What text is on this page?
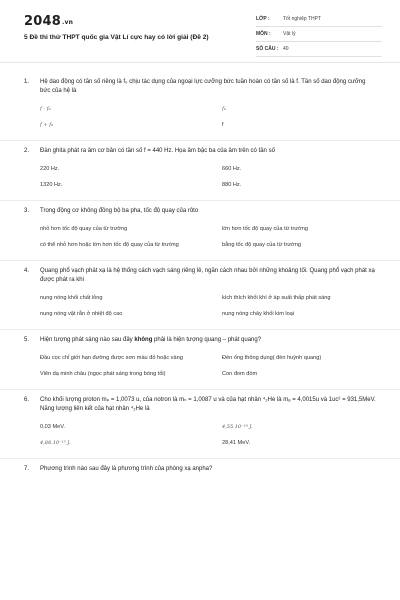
2048.vn
5 Đề thi thử THPT quốc gia Vật Lí cực hay có lời giải (Đề 2)
LỚP :	Tốt nghiệp THPT
MÔN :	Vật lý
SỐ CÂU : 40
1.	Hệ dao động có tần số riêng là f₀ chịu tác dụng của ngoại lực cưỡng bức tuần hoàn có tần số là f. Tần số dao động cưỡng bức của hệ là
f - f₀	f₀
f + f₀	f
2.	Đàn ghita phát ra âm cơ bản có tần số f = 440 Hz. Họa âm bậc ba của âm trên có tần số
220 Hz.	660 Hz.
1320 Hz.	880 Hz.
3.	Trong động cơ không đồng bộ ba pha, tốc độ quay của rôto
nhỏ hơn tốc độ quay của từ trường	lớn hơn tốc độ quay của từ trường
có thể nhỏ hơn hoặc lớn hơn tốc độ quay của từ trường	bằng tốc độ quay của từ trường
4.	Quang phổ vạch phát xạ là hệ thống cách vạch sáng riêng lẻ, ngăn cách nhau bởi những khoảng tối. Quang phổ vạch phát xạ được phát ra khi
nung nóng khối chất lỏng	kích thích khối khí ở áp suất thấp phát sáng
nung nóng vật rắn ở nhiệt độ cao	nung nóng chảy khối kim loại
5.	Hiện tượng phát sáng nào sau đây không phải là hiện tượng quang – phát quang?
Đầu cọc chỉ giới hạn đường được sơn màu đỏ hoặc vàng	Đèn ống thông dụng( đèn huỳnh quang)
Viên dạ minh châu (ngọc phát sáng trong bóng tối)	Con đom đóm
6.	Cho khối lượng proton mₚ = 1,0073 u, của notron là mₙ = 1,0087 u và của hạt nhân ⁴₂He là mₐ = 4,0015u và 1uc² = 931,5MeV. Năng lượng liên kết của hạt nhân ⁴₂He là
0,03 MeV.	4,55.10⁻¹⁸ J.
4,88.10⁻¹⁵ J.	28,41 MeV.
7.	Phương trình nào sau đây là phương trình của phóng xạ anpha?
